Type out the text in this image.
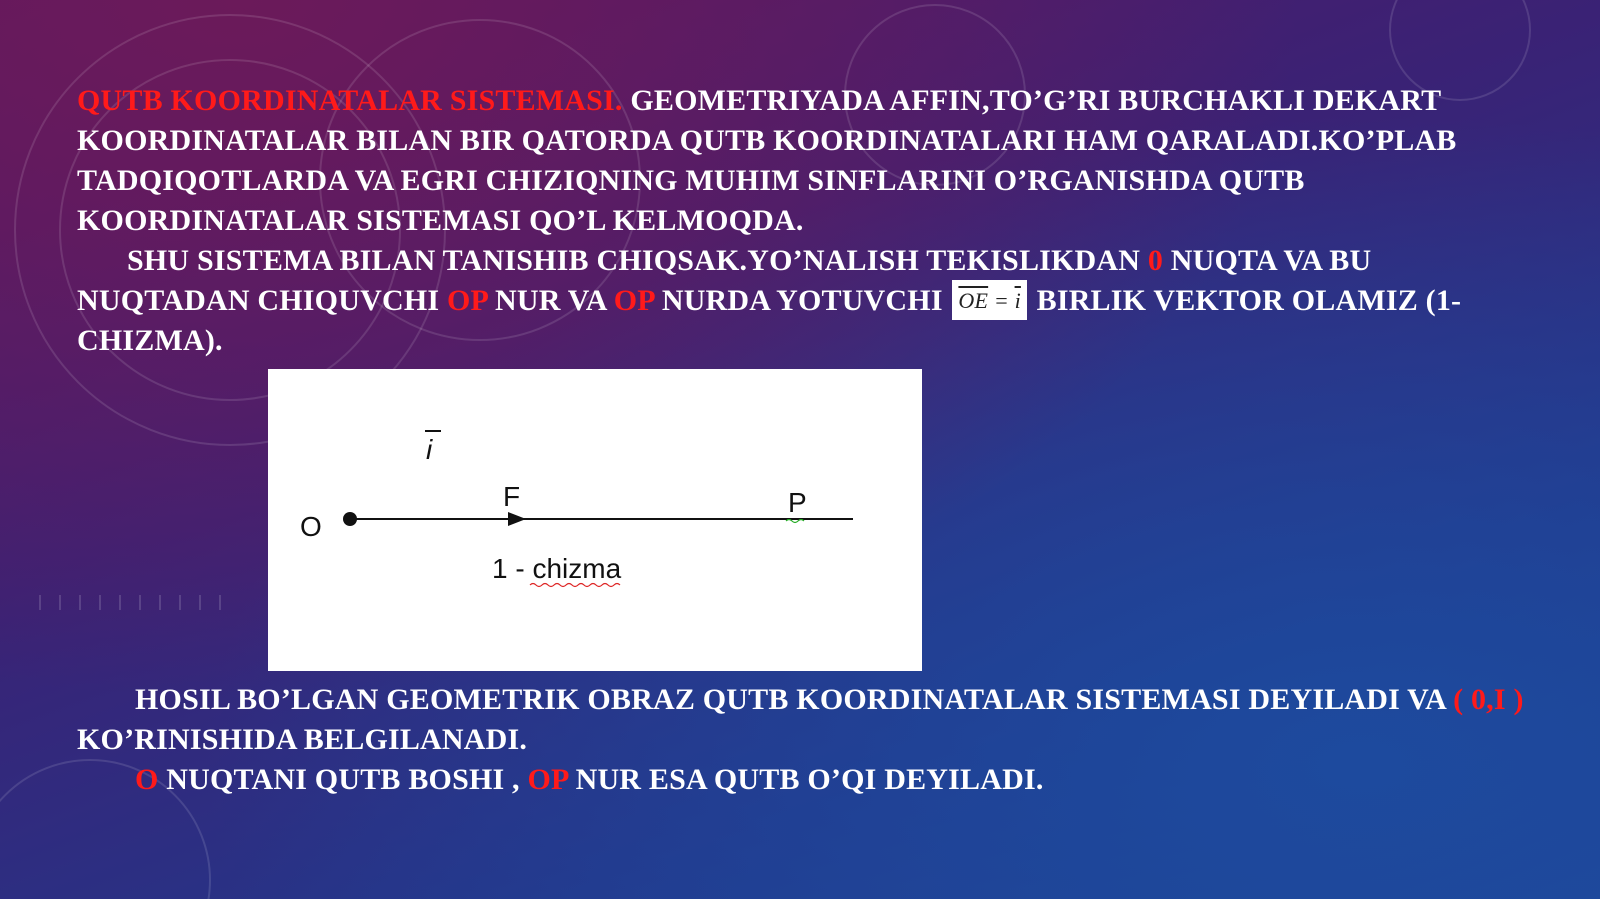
QUTB KOORDINATALAR SISTEMASI. GEOMETRIYADA AFFIN,TO’G’RI BURCHAKLI DEKART KOORDINATALAR BILAN BIR QATORDA QUTB KOORDINATALARI HAM QARALADI.KO’PLAB TADQIQOTLARDA VA EGRI CHIZIQNING MUHIM SINFLARINI O’RGANISHDA QUTB KOORDINATALAR SISTEMASI QO’L KELMOQDA.
SHU SISTEMA BILAN TANISHIB CHIQSAK.YO’NALISH TEKISLIKDAN 0 NUQTA VA BU NUQTADAN CHIQUVCHI OP NUR VA OP NURDA YOTUVCHI $\overline{OE} = \overline{i}$ BIRLIK VEKTOR OLAMIZ (1-CHIZMA).
i
O
F	P
1 - chizma
HOSIL BO’LGAN GEOMETRIK OBRAZ QUTB KOORDINATALAR SISTEMASI DEYILADI VA ( 0,I ) KO’RINISHIDA BELGILANADI.
O NUQTANI QUTB BOSHI , OP NUR ESA QUTB O’QI DEYILADI.
